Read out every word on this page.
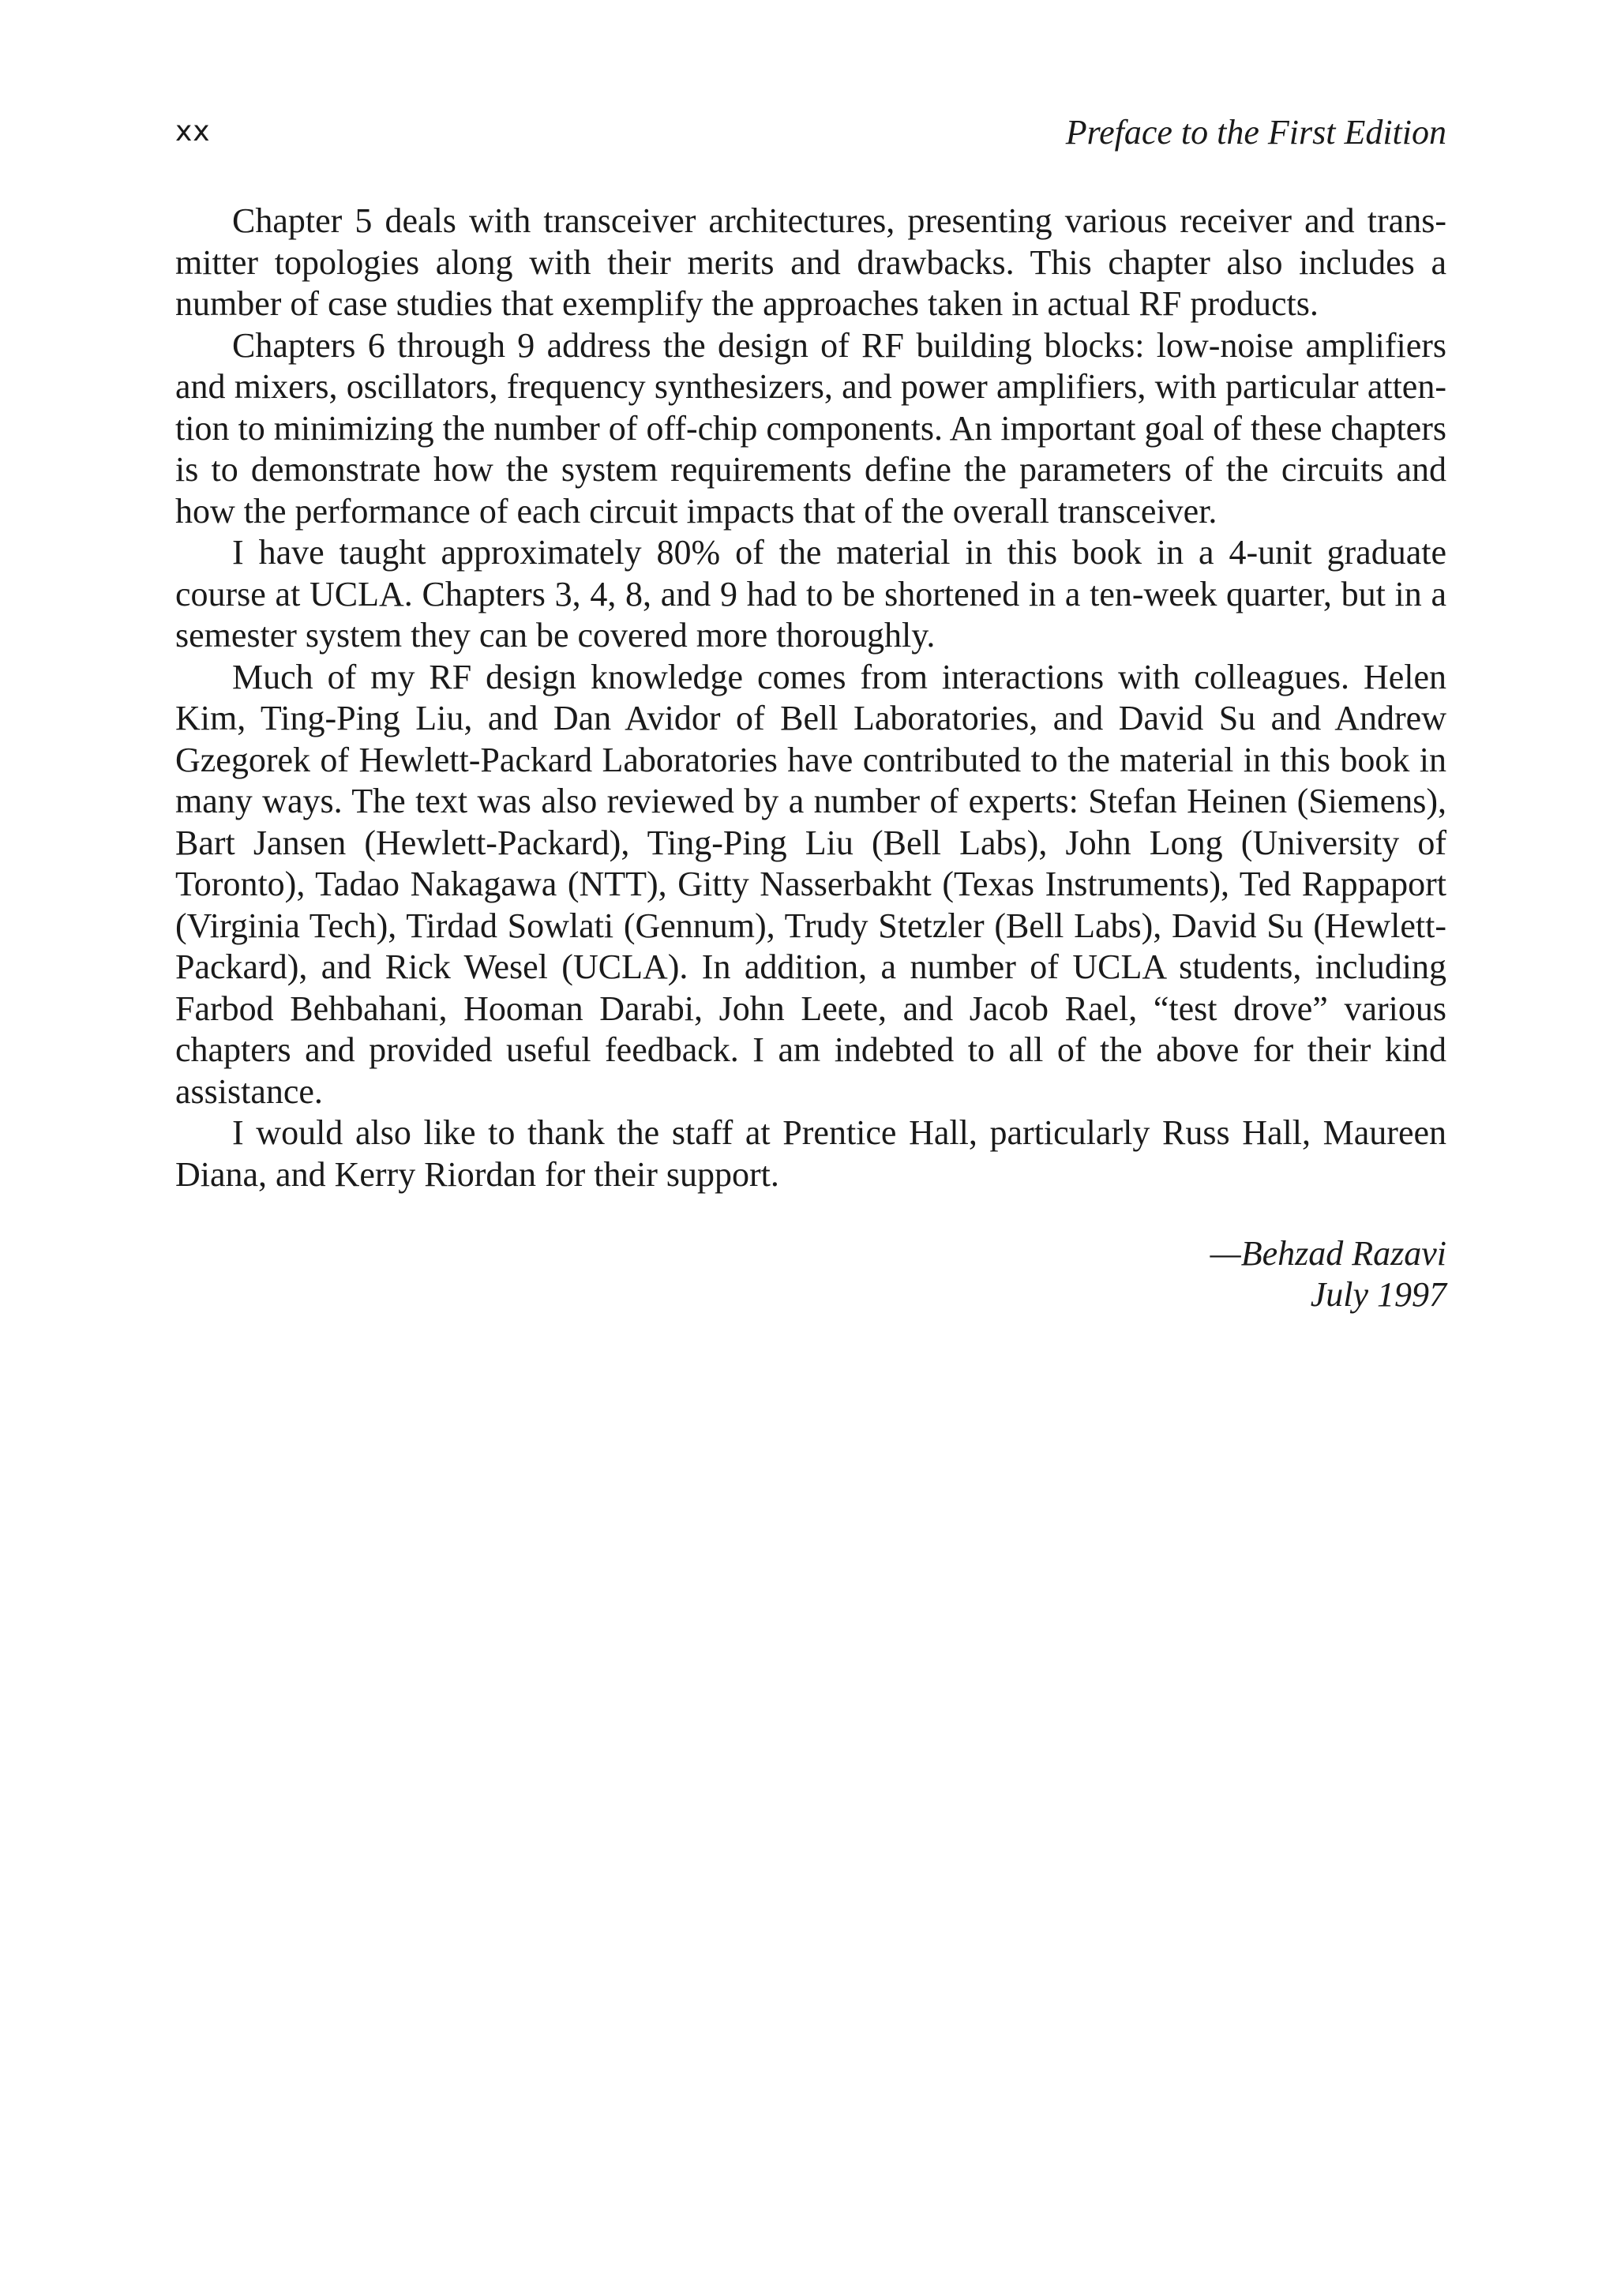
xx	Preface to the First Edition

Chapter 5 deals with transceiver architectures, presenting various receiver and transmitter topologies along with their merits and drawbacks. This chapter also includes a number of case studies that exemplify the approaches taken in actual RF products.

Chapters 6 through 9 address the design of RF building blocks: low-noise amplifiers and mixers, oscillators, frequency synthesizers, and power amplifiers, with particular attention to minimizing the number of off-chip components. An important goal of these chapters is to demonstrate how the system requirements define the parameters of the circuits and how the performance of each circuit impacts that of the overall transceiver.

I have taught approximately 80% of the material in this book in a 4-unit graduate course at UCLA. Chapters 3, 4, 8, and 9 had to be shortened in a ten-week quarter, but in a semester system they can be covered more thoroughly.

Much of my RF design knowledge comes from interactions with colleagues. Helen Kim, Ting-Ping Liu, and Dan Avidor of Bell Laboratories, and David Su and Andrew Gzegorek of Hewlett-Packard Laboratories have contributed to the material in this book in many ways. The text was also reviewed by a number of experts: Stefan Heinen (Siemens), Bart Jansen (Hewlett-Packard), Ting-Ping Liu (Bell Labs), John Long (University of Toronto), Tadao Nakagawa (NTT), Gitty Nasserbakht (Texas Instruments), Ted Rappaport (Virginia Tech), Tirdad Sowlati (Gennum), Trudy Stetzler (Bell Labs), David Su (Hewlett-Packard), and Rick Wesel (UCLA). In addition, a number of UCLA students, including Farbod Behbahani, Hooman Darabi, John Leete, and Jacob Rael, “test drove” various chapters and provided useful feedback. I am indebted to all of the above for their kind assistance.

I would also like to thank the staff at Prentice Hall, particularly Russ Hall, Maureen Diana, and Kerry Riordan for their support.

—Behzad Razavi
July 1997
